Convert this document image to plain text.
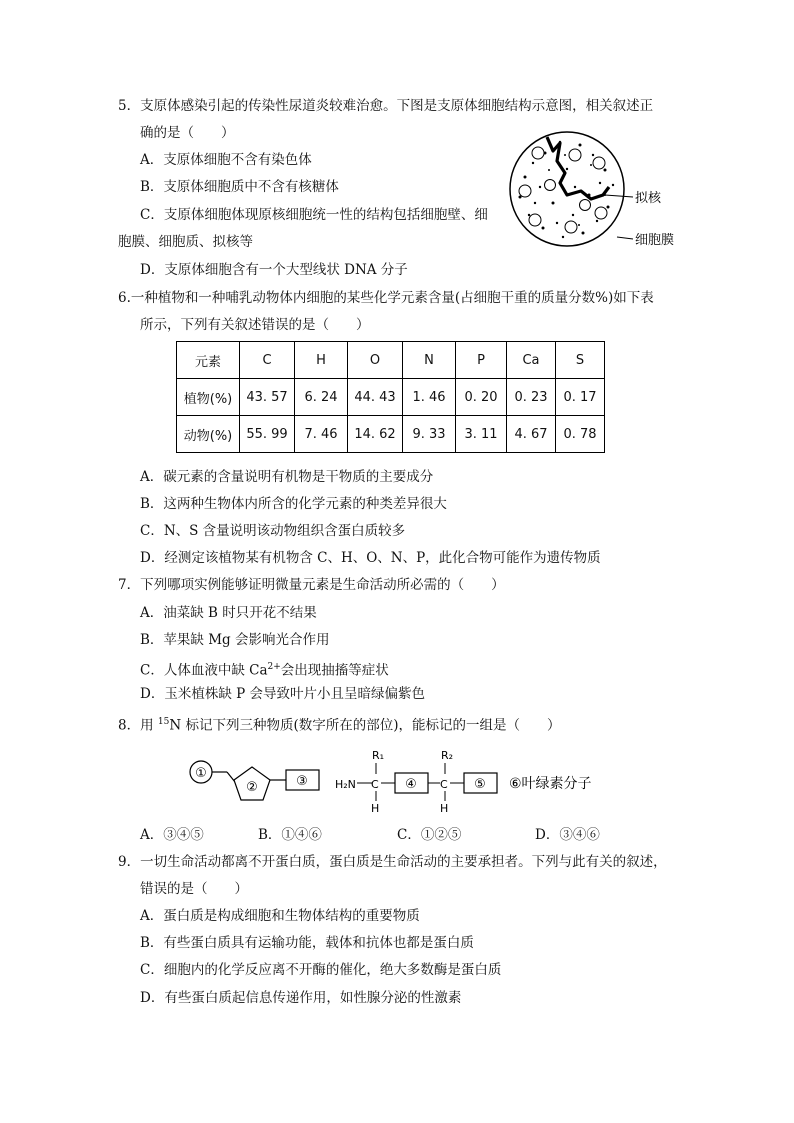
5．支原体感染引起的传染性尿道炎较难治愈。下图是支原体细胞结构示意图，相关叙述正
确的是（　　）
A．支原体细胞不含有染色体
B．支原体细胞质中不含有核糖体
C．支原体细胞体现原核细胞统一性的结构包括细胞壁、细
胞膜、细胞质、拟核等
D．支原体细胞含有一个大型线状 DNA 分子
拟核
细胞膜
6.一种植物和一种哺乳动物体内细胞的某些化学元素含量(占细胞干重的质量分数%)如下表
所示，下列有关叙述错误的是（　　）
元素	C	H	O	N	P	Ca	S
植物(%)	43. 57	6. 24	44. 43	1. 46	0. 20	0. 23	0. 17
动物(%)	55. 99	7. 46	14. 62	9. 33	3. 11	4. 67	0. 78
A．碳元素的含量说明有机物是干物质的主要成分
B．这两种生物体内所含的化学元素的种类差异很大
C．N、S 含量说明该动物组织含蛋白质较多
D．经测定该植物某有机物含 C、H、O、N、P，此化合物可能作为遗传物质
7．下列哪项实例能够证明微量元素是生命活动所必需的（　　）
A．油菜缺 B 时只开花不结果
B．苹果缺 Mg 会影响光合作用
C．人体血液中缺 $Ca^{2+}$会出现抽搐等症状
D．玉米植株缺 P 会导致叶片小且呈暗绿偏紫色
8．用 $^{15}$N 标记下列三种物质(数字所在的部位)，能标记的一组是（　　）
①
②	③ H₂N
R₁
C
H
④
R₂
C
H
⑤ ⑥叶绿素分子
A．③④⑤	B．①④⑥	C．①②⑤	D．③④⑥
9．一切生命活动都离不开蛋白质，蛋白质是生命活动的主要承担者。下列与此有关的叙述，
错误的是（　　）
A．蛋白质是构成细胞和生物体结构的重要物质
B．有些蛋白质具有运输功能，载体和抗体也都是蛋白质
C．细胞内的化学反应离不开酶的催化，绝大多数酶是蛋白质
D．有些蛋白质起信息传递作用，如性腺分泌的性激素
